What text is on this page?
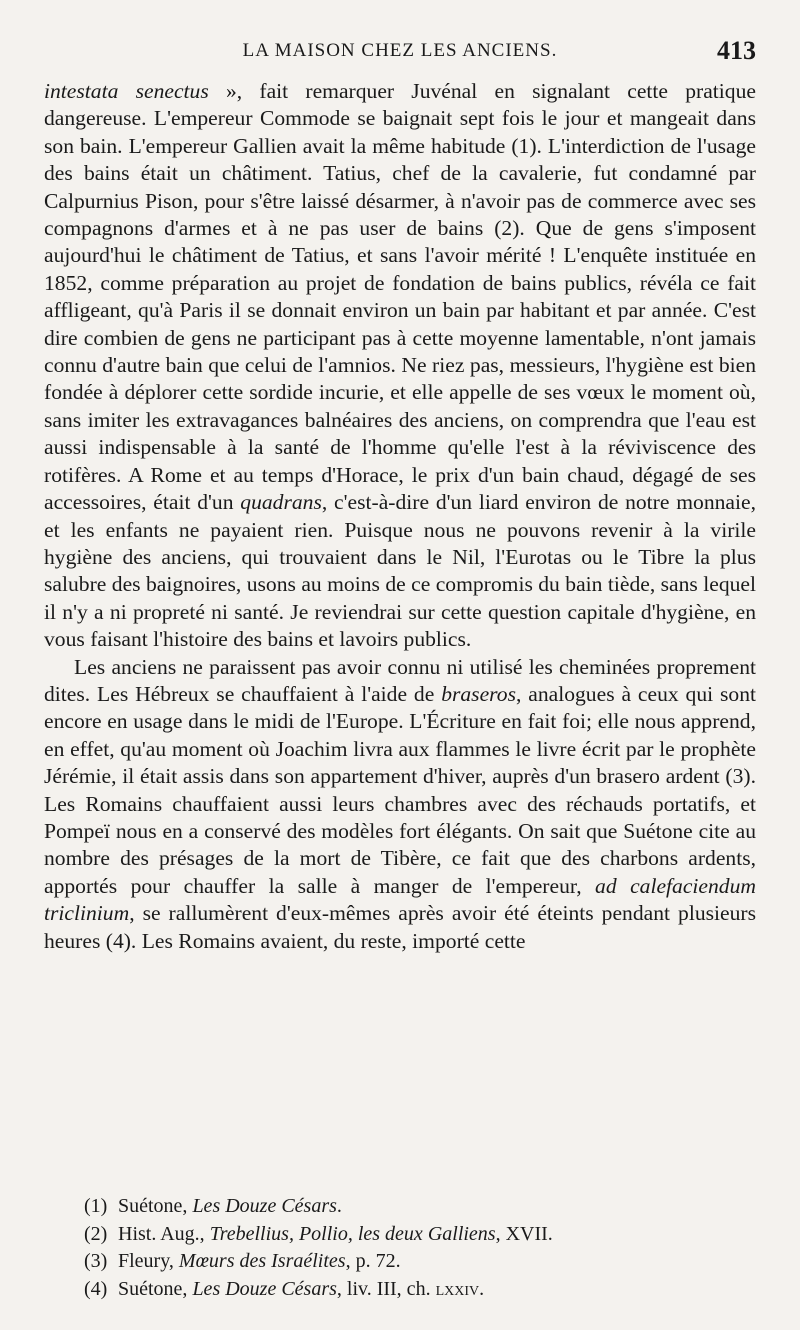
LA MAISON CHEZ LES ANCIENS.	413

intestata senectus », fait remarquer Juvénal en signalant cette pratique dangereuse. L'empereur Commode se baignait sept fois le jour et mangeait dans son bain. L'empereur Gallien avait la même habitude (1). L'interdiction de l'usage des bains était un châtiment. Tatius, chef de la cavalerie, fut condamné par Calpurnius Pison, pour s'être laissé désarmer, à n'avoir pas de commerce avec ses compagnons d'armes et à ne pas user de bains (2). Que de gens s'imposent aujourd'hui le châtiment de Tatius, et sans l'avoir mérité ! L'enquête instituée en 1852, comme préparation au projet de fondation de bains publics, révéla ce fait affligeant, qu'à Paris il se donnait environ un bain par habitant et par année. C'est dire combien de gens ne participant pas à cette moyenne lamentable, n'ont jamais connu d'autre bain que celui de l'amnios. Ne riez pas, messieurs, l'hygiène est bien fondée à déplorer cette sordide incurie, et elle appelle de ses vœux le moment où, sans imiter les extravagances balnéaires des anciens, on comprendra que l'eau est aussi indispensable à la santé de l'homme qu'elle l'est à la réviviscence des rotifères. A Rome et au temps d'Horace, le prix d'un bain chaud, dégagé de ses accessoires, était d'un quadrans, c'est-à-dire d'un liard environ de notre monnaie, et les enfants ne payaient rien. Puisque nous ne pouvons revenir à la virile hygiène des anciens, qui trouvaient dans le Nil, l'Eurotas ou le Tibre la plus salubre des baignoires, usons au moins de ce compromis du bain tiède, sans lequel il n'y a ni propreté ni santé. Je reviendrai sur cette question capitale d'hygiène, en vous faisant l'histoire des bains et lavoirs publics.

Les anciens ne paraissent pas avoir connu ni utilisé les cheminées proprement dites. Les Hébreux se chauffaient à l'aide de braseros, analogues à ceux qui sont encore en usage dans le midi de l'Europe. L'Écriture en fait foi; elle nous apprend, en effet, qu'au moment où Joachim livra aux flammes le livre écrit par le prophète Jérémie, il était assis dans son appartement d'hiver, auprès d'un brasero ardent (3). Les Romains chauffaient aussi leurs chambres avec des réchauds portatifs, et Pompeï nous en a conservé des modèles fort élégants. On sait que Suétone cite au nombre des présages de la mort de Tibère, ce fait que des charbons ardents, apportés pour chauffer la salle à manger de l'empereur, ad calefaciendum triclinium, se rallumèrent d'eux-mêmes après avoir été éteints pendant plusieurs heures (4). Les Romains avaient, du reste, importé cette

(1) Suétone, Les Douze Césars.
(2) Hist. Aug., Trebellius, Pollio, les deux Galliens, XVII.
(3) Fleury, Mœurs des Israélites, p. 72.
(4) Suétone, Les Douze Césars, liv. III, ch. lxxiv.
